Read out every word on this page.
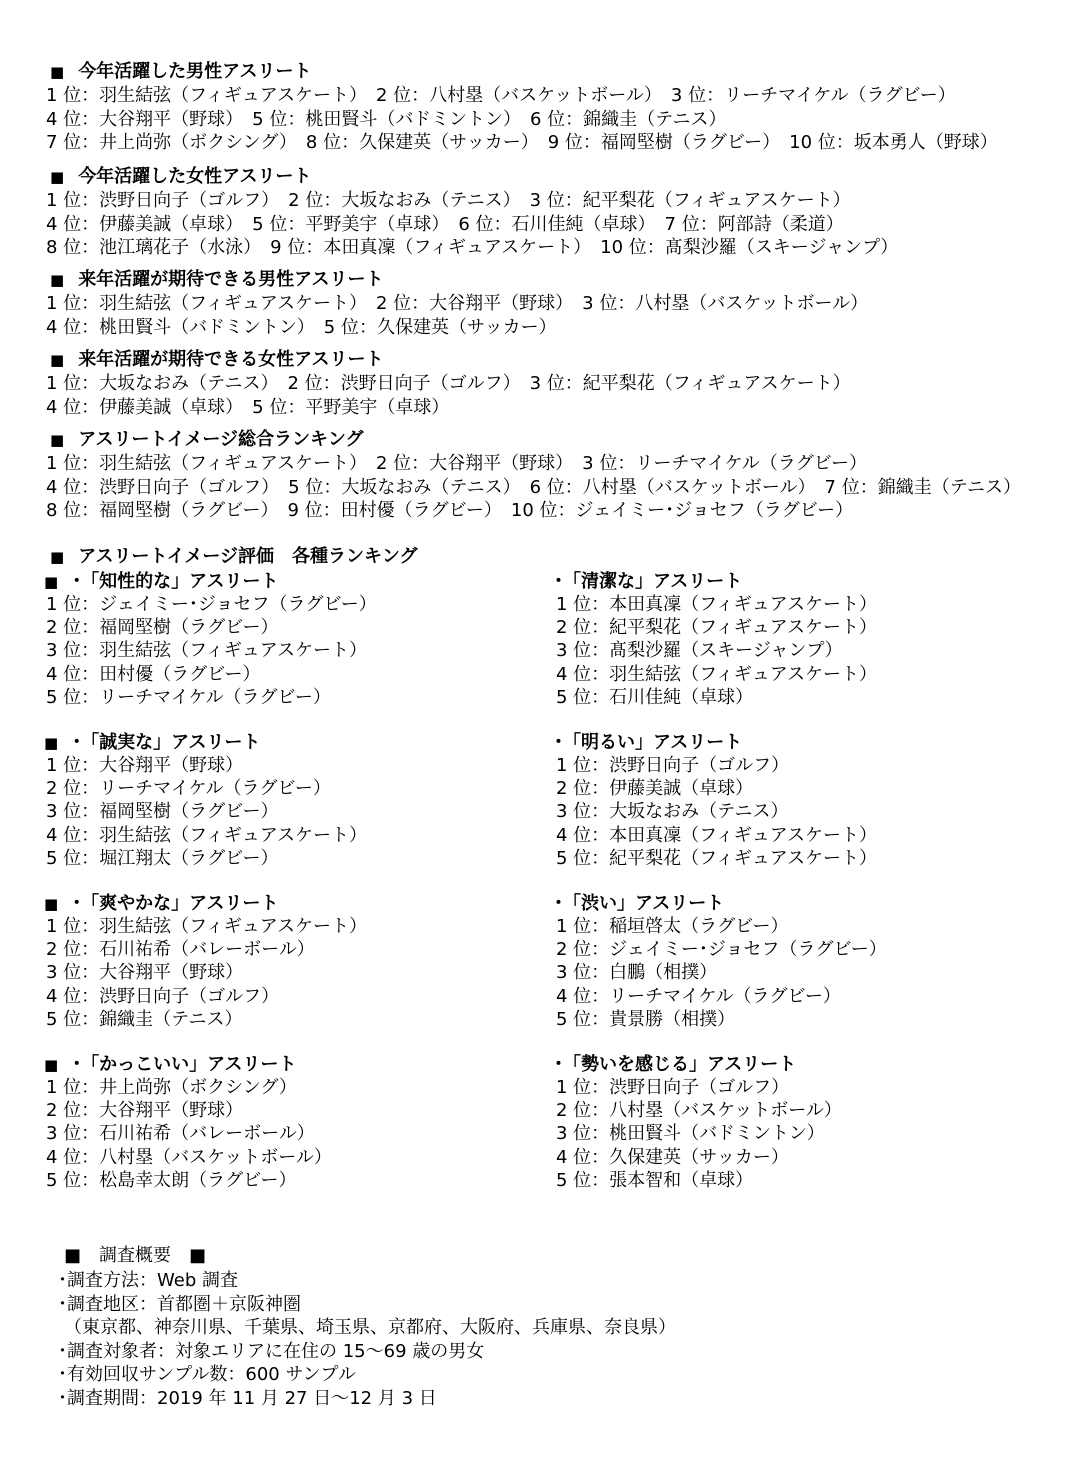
■ 今年活躍した男性アスリート
1 位：羽生結弦（フィギュアスケート）　2 位：八村塁（バスケットボール）　3 位：リーチマイケル（ラグビー）
4 位：大谷翔平（野球）　5 位：桃田賢斗（バドミントン）　6 位：錦織圭（テニス）
7 位：井上尚弥（ボクシング）　8 位：久保建英（サッカー）　9 位：福岡堅樹（ラグビー）　10 位：坂本勇人（野球）
■ 今年活躍した女性アスリート
1 位：渋野日向子（ゴルフ）　2 位：大坂なおみ（テニス）　3 位：紀平梨花（フィギュアスケート）
4 位：伊藤美誠（卓球）　5 位：平野美宇（卓球）　6 位：石川佳純（卓球）　7 位：阿部詩（柔道）
8 位：池江璃花子（水泳）　9 位：本田真凜（フィギュアスケート）　10 位：髙梨沙羅（スキージャンプ）
■ 来年活躍が期待できる男性アスリート
1 位：羽生結弦（フィギュアスケート）　2 位：大谷翔平（野球）　3 位：八村塁（バスケットボール）
4 位：桃田賢斗（バドミントン）　5 位：久保建英（サッカー）
■ 来年活躍が期待できる女性アスリート
1 位：大坂なおみ（テニス）　2 位：渋野日向子（ゴルフ）　3 位：紀平梨花（フィギュアスケート）
4 位：伊藤美誠（卓球）　5 位：平野美宇（卓球）
■ アスリートイメージ総合ランキング
1 位：羽生結弦（フィギュアスケート）　2 位：大谷翔平（野球）　3 位：リーチマイケル（ラグビー）
4 位：渋野日向子（ゴルフ）　5 位：大坂なおみ（テニス）　6 位：八村塁（バスケットボール）　7 位：錦織圭（テニス）
8 位：福岡堅樹（ラグビー）　9 位：田村優（ラグビー）　10 位：ジェイミー･ジョセフ（ラグビー）
■ アスリートイメージ評価　各種ランキング
■ ･「知性的な」アスリート
1 位：ジェイミー･ジョセフ（ラグビー）
2 位：福岡堅樹（ラグビー）
3 位：羽生結弦（フィギュアスケート）
4 位：田村優（ラグビー）
5 位：リーチマイケル（ラグビー）
･「清潔な」アスリート
1 位：本田真凜（フィギュアスケート）
2 位：紀平梨花（フィギュアスケート）
3 位：髙梨沙羅（スキージャンプ）
4 位：羽生結弦（フィギュアスケート）
5 位：石川佳純（卓球）
■ ･「誠実な」アスリート
1 位：大谷翔平（野球）
2 位：リーチマイケル（ラグビー）
3 位：福岡堅樹（ラグビー）
4 位：羽生結弦（フィギュアスケート）
5 位：堀江翔太（ラグビー）
･「明るい」アスリート
1 位：渋野日向子（ゴルフ）
2 位：伊藤美誠（卓球）
3 位：大坂なおみ（テニス）
4 位：本田真凜（フィギュアスケート）
5 位：紀平梨花（フィギュアスケート）
■ ･「爽やかな」アスリート
1 位：羽生結弦（フィギュアスケート）
2 位：石川祐希（バレーボール）
3 位：大谷翔平（野球）
4 位：渋野日向子（ゴルフ）
5 位：錦織圭（テニス）
･「渋い」アスリート
1 位：稲垣啓太（ラグビー）
2 位：ジェイミー･ジョセフ（ラグビー）
3 位：白鵬（相撲）
4 位：リーチマイケル（ラグビー）
5 位：貴景勝（相撲）
■ ･「かっこいい」アスリート
1 位：井上尚弥（ボクシング）
2 位：大谷翔平（野球）
3 位：石川祐希（バレーボール）
4 位：八村塁（バスケットボール）
5 位：松島幸太朗（ラグビー）
･「勢いを感じる」アスリート
1 位：渋野日向子（ゴルフ）
2 位：八村塁（バスケットボール）
3 位：桃田賢斗（バドミントン）
4 位：久保建英（サッカー）
5 位：張本智和（卓球）
■　調査概要　■
･調査方法：Web 調査
･調査地区：首都圏＋京阪神圏
（東京都、神奈川県、千葉県、埼玉県、京都府、大阪府、兵庫県、奈良県）
･調査対象者：対象エリアに在住の 15～69 歳の男女
･有効回収サンプル数：600 サンプル
･調査期間：2019 年 11 月 27 日～12 月 3 日
